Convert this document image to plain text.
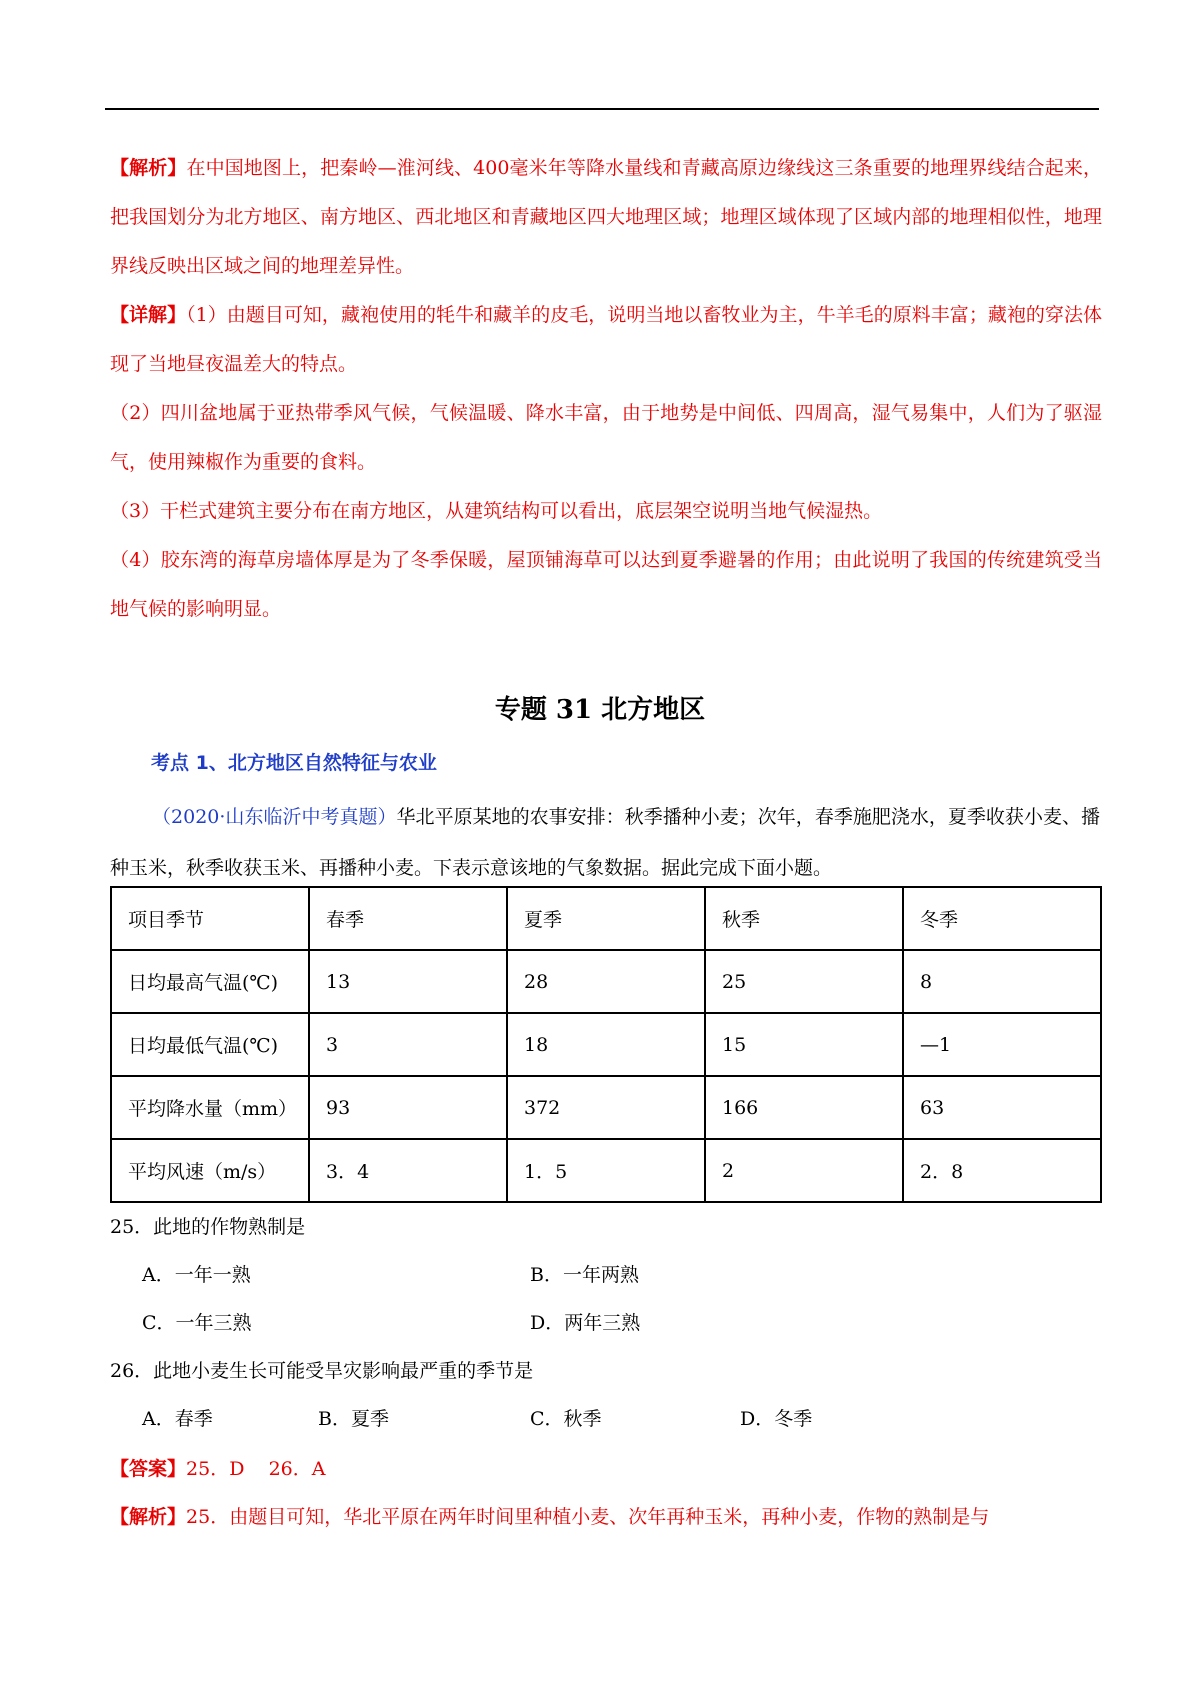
【解析】在中国地图上，把秦岭—淮河线、400毫米年等降水量线和青藏高原边缘线这三条重要的地理界线结合起来，把我国划分为北方地区、南方地区、西北地区和青藏地区四大地理区域；地理区域体现了区域内部的地理相似性，地理界线反映出区域之间的地理差异性。

【详解】（1）由题目可知，藏袍使用的牦牛和藏羊的皮毛，说明当地以畜牧业为主，牛羊毛的原料丰富；藏袍的穿法体现了当地昼夜温差大的特点。

（2）四川盆地属于亚热带季风气候，气候温暖、降水丰富，由于地势是中间低、四周高，湿气易集中，人们为了驱湿气，使用辣椒作为重要的食料。

（3）干栏式建筑主要分布在南方地区，从建筑结构可以看出，底层架空说明当地气候湿热。

（4）胶东湾的海草房墙体厚是为了冬季保暖，屋顶铺海草可以达到夏季避暑的作用；由此说明了我国的传统建筑受当地气候的影响明显。

专题 31 北方地区
考点 1、北方地区自然特征与农业
（2020·山东临沂中考真题）华北平原某地的农事安排：秋季播种小麦；次年，春季施肥浇水，夏季收获小麦、播种玉米，秋季收获玉米、再播种小麦。下表示意该地的气象数据。据此完成下面小题。
项目季节	春季	夏季	秋季	冬季
日均最高气温(℃)	13	28	25	8
日均最低气温(℃)	3	18	15	—1
平均降水量（mm）	93	372	166	63
平均风速（m/s）	3．4	1．5	2	2．8
25．此地的作物熟制是
A．一年一熟	B．一年两熟
C．一年三熟	D．两年三熟
26．此地小麦生长可能受旱灾影响最严重的季节是
A．春季	B．夏季	C．秋季	D．冬季
【答案】25．D    26．A
【解析】25．由题目可知，华北平原在两年时间里种植小麦、次年再种玉米，再种小麦，作物的熟制是与
